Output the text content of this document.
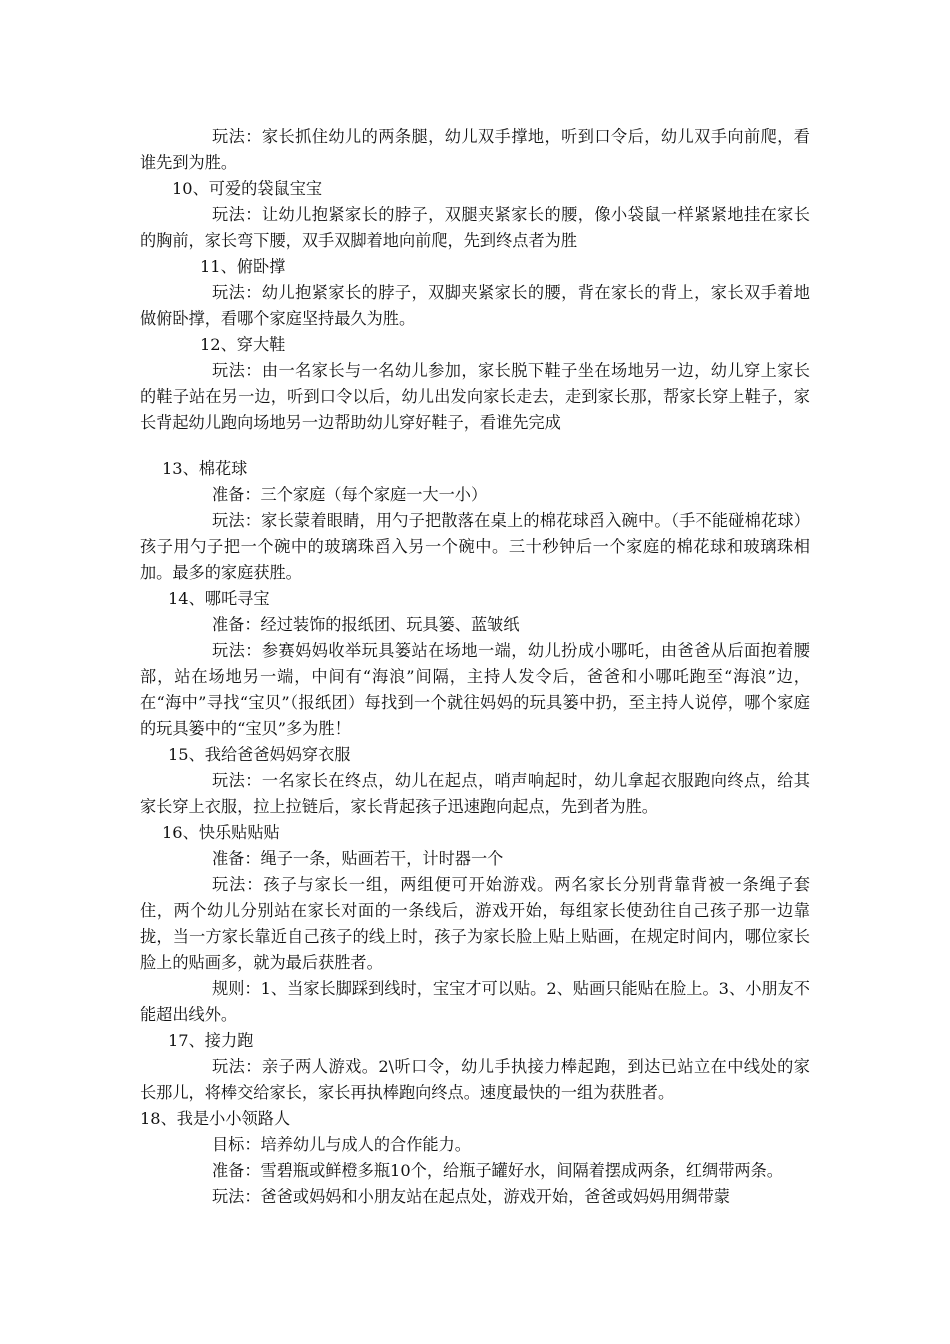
玩法：家长抓住幼儿的两条腿，幼儿双手撑地，听到口令后，幼儿双手向前爬，看谁先到为胜。

10、可爱的袋鼠宝宝

玩法：让幼儿抱紧家长的脖子，双腿夹紧家长的腰，像小袋鼠一样紧紧地挂在家长的胸前，家长弯下腰，双手双脚着地向前爬，先到终点者为胜

11、俯卧撑

玩法：幼儿抱紧家长的脖子，双脚夹紧家长的腰，背在家长的背上，家长双手着地做俯卧撑，看哪个家庭坚持最久为胜。

12、穿大鞋

玩法：由一名家长与一名幼儿参加，家长脱下鞋子坐在场地另一边，幼儿穿上家长的鞋子站在另一边，听到口令以后，幼儿出发向家长走去，走到家长那，帮家长穿上鞋子，家长背起幼儿跑向场地另一边帮助幼儿穿好鞋子，看谁先完成

13、棉花球

准备：三个家庭（每个家庭一大一小）

玩法：家长蒙着眼睛，用勺子把散落在桌上的棉花球舀入碗中。（手不能碰棉花球）孩子用勺子把一个碗中的玻璃珠舀入另一个碗中。三十秒钟后一个家庭的棉花球和玻璃珠相加。最多的家庭获胜。

14、哪吒寻宝

准备：经过装饰的报纸团、玩具篓、蓝皱纸

玩法：参赛妈妈收举玩具篓站在场地一端，幼儿扮成小哪吒，由爸爸从后面抱着腰部，站在场地另一端，中间有“海浪”间隔，主持人发令后，爸爸和小哪吒跑至“海浪”边，在“海中”寻找“宝贝”（报纸团）每找到一个就往妈妈的玩具篓中扔，至主持人说停，哪个家庭的玩具篓中的“宝贝”多为胜！

15、我给爸爸妈妈穿衣服

玩法：一名家长在终点，幼儿在起点，哨声响起时，幼儿拿起衣服跑向终点，给其家长穿上衣服，拉上拉链后，家长背起孩子迅速跑向起点，先到者为胜。

16、快乐贴贴贴

准备：绳子一条，贴画若干，计时器一个

玩法：孩子与家长一组，两组便可开始游戏。两名家长分别背靠背被一条绳子套住，两个幼儿分别站在家长对面的一条线后，游戏开始，每组家长使劲往自己孩子那一边靠拢，当一方家长靠近自己孩子的线上时，孩子为家长脸上贴上贴画，在规定时间内，哪位家长脸上的贴画多，就为最后获胜者。

规则：1、当家长脚踩到线时，宝宝才可以贴。2、贴画只能贴在脸上。3、小朋友不能超出线外。

17、接力跑

玩法：亲子两人游戏。2\听口令，幼儿手执接力棒起跑，到达已站立在中线处的家长那儿，将棒交给家长，家长再执棒跑向终点。速度最快的一组为获胜者。

18、我是小小领路人

目标：培养幼儿与成人的合作能力。

准备：雪碧瓶或鲜橙多瓶10个，给瓶子罐好水，间隔着摆成两条，红绸带两条。

玩法：爸爸或妈妈和小朋友站在起点处，游戏开始，爸爸或妈妈用绸带蒙
